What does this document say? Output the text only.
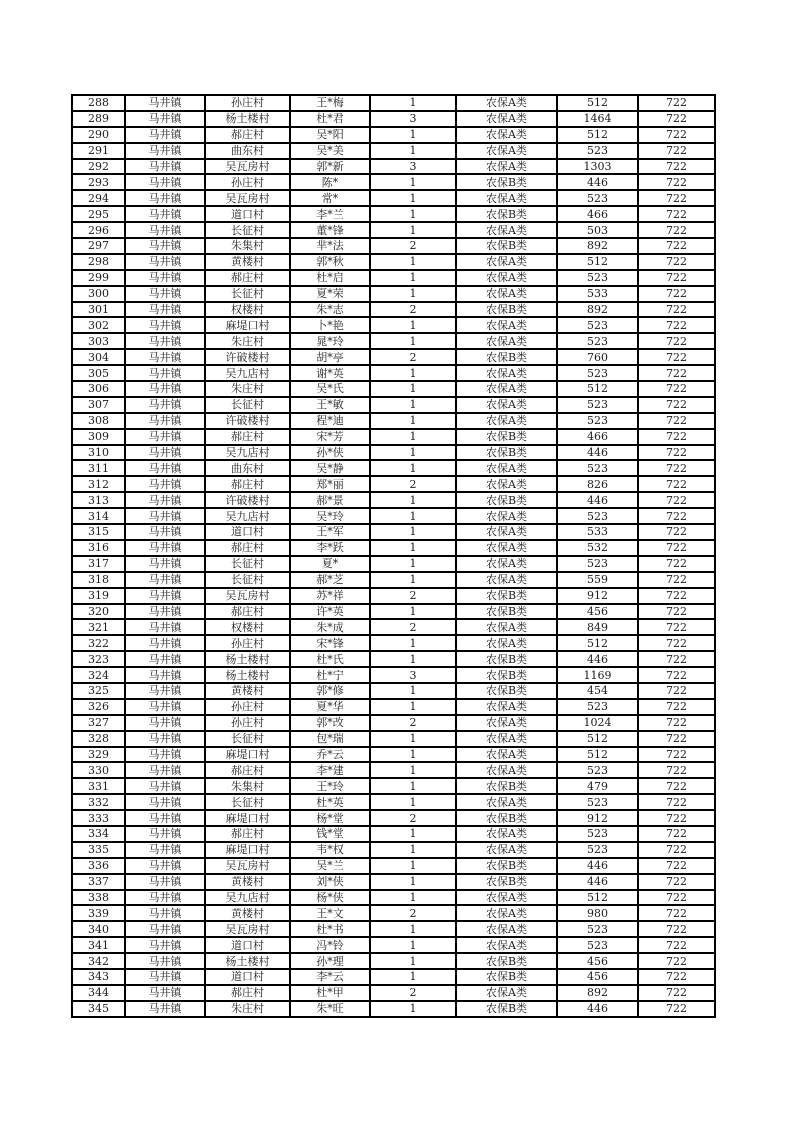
288	马井镇	孙庄村	王*梅	1	农保A类	512	722
289	马井镇	杨土楼村	杜*君	3	农保A类	1464	722
290	马井镇	郝庄村	吴*阳	1	农保A类	512	722
291	马井镇	曲东村	吴*美	1	农保A类	523	722
292	马井镇	吴瓦房村	郭*新	3	农保A类	1303	722
293	马井镇	孙庄村	陈*	1	农保B类	446	722
294	马井镇	吴瓦房村	常*	1	农保A类	523	722
295	马井镇	道口村	李*兰	1	农保B类	466	722
296	马井镇	长征村	董*锋	1	农保A类	503	722
297	马井镇	朱集村	芈*法	2	农保B类	892	722
298	马井镇	黄楼村	郭*秋	1	农保A类	512	722
299	马井镇	郝庄村	杜*启	1	农保A类	523	722
300	马井镇	长征村	夏*荣	1	农保A类	533	722
301	马井镇	权楼村	朱*志	2	农保B类	892	722
302	马井镇	麻堤口村	卜*艳	1	农保A类	523	722
303	马井镇	朱庄村	晁*玲	1	农保A类	523	722
304	马井镇	许破楼村	胡*亭	2	农保B类	760	722
305	马井镇	吴九店村	谢*英	1	农保A类	523	722
306	马井镇	朱庄村	吴*氏	1	农保A类	512	722
307	马井镇	长征村	王*敏	1	农保A类	523	722
308	马井镇	许破楼村	程*迪	1	农保A类	523	722
309	马井镇	郝庄村	宋*芳	1	农保B类	466	722
310	马井镇	吴九店村	孙*侠	1	农保B类	446	722
311	马井镇	曲东村	吴*静	1	农保A类	523	722
312	马井镇	郝庄村	郑*丽	2	农保A类	826	722
313	马井镇	许破楼村	郝*景	1	农保B类	446	722
314	马井镇	吴九店村	吴*玲	1	农保A类	523	722
315	马井镇	道口村	王*军	1	农保A类	533	722
316	马井镇	郝庄村	李*跃	1	农保A类	532	722
317	马井镇	长征村	夏*	1	农保A类	523	722
318	马井镇	长征村	郝*芝	1	农保A类	559	722
319	马井镇	吴瓦房村	苏*祥	2	农保B类	912	722
320	马井镇	郝庄村	许*英	1	农保B类	456	722
321	马井镇	权楼村	朱*成	2	农保A类	849	722
322	马井镇	孙庄村	宋*锋	1	农保A类	512	722
323	马井镇	杨土楼村	杜*氏	1	农保B类	446	722
324	马井镇	杨土楼村	杜*宁	3	农保B类	1169	722
325	马井镇	黄楼村	郭*修	1	农保B类	454	722
326	马井镇	孙庄村	夏*华	1	农保A类	523	722
327	马井镇	孙庄村	郭*改	2	农保A类	1024	722
328	马井镇	长征村	包*瑞	1	农保A类	512	722
329	马井镇	麻堤口村	乔*云	1	农保A类	512	722
330	马井镇	郝庄村	李*建	1	农保A类	523	722
331	马井镇	朱集村	王*玲	1	农保B类	479	722
332	马井镇	长征村	杜*英	1	农保A类	523	722
333	马井镇	麻堤口村	杨*堂	2	农保B类	912	722
334	马井镇	郝庄村	钱*堂	1	农保A类	523	722
335	马井镇	麻堤口村	韦*权	1	农保A类	523	722
336	马井镇	吴瓦房村	吴*兰	1	农保B类	446	722
337	马井镇	黄楼村	刘*侠	1	农保B类	446	722
338	马井镇	吴九店村	杨*侠	1	农保A类	512	722
339	马井镇	黄楼村	王*文	2	农保A类	980	722
340	马井镇	吴瓦房村	杜*书	1	农保A类	523	722
341	马井镇	道口村	冯*铃	1	农保A类	523	722
342	马井镇	杨土楼村	孙*理	1	农保B类	456	722
343	马井镇	道口村	李*云	1	农保B类	456	722
344	马井镇	郝庄村	杜*甲	2	农保A类	892	722
345	马井镇	朱庄村	朱*旺	1	农保B类	446	722
